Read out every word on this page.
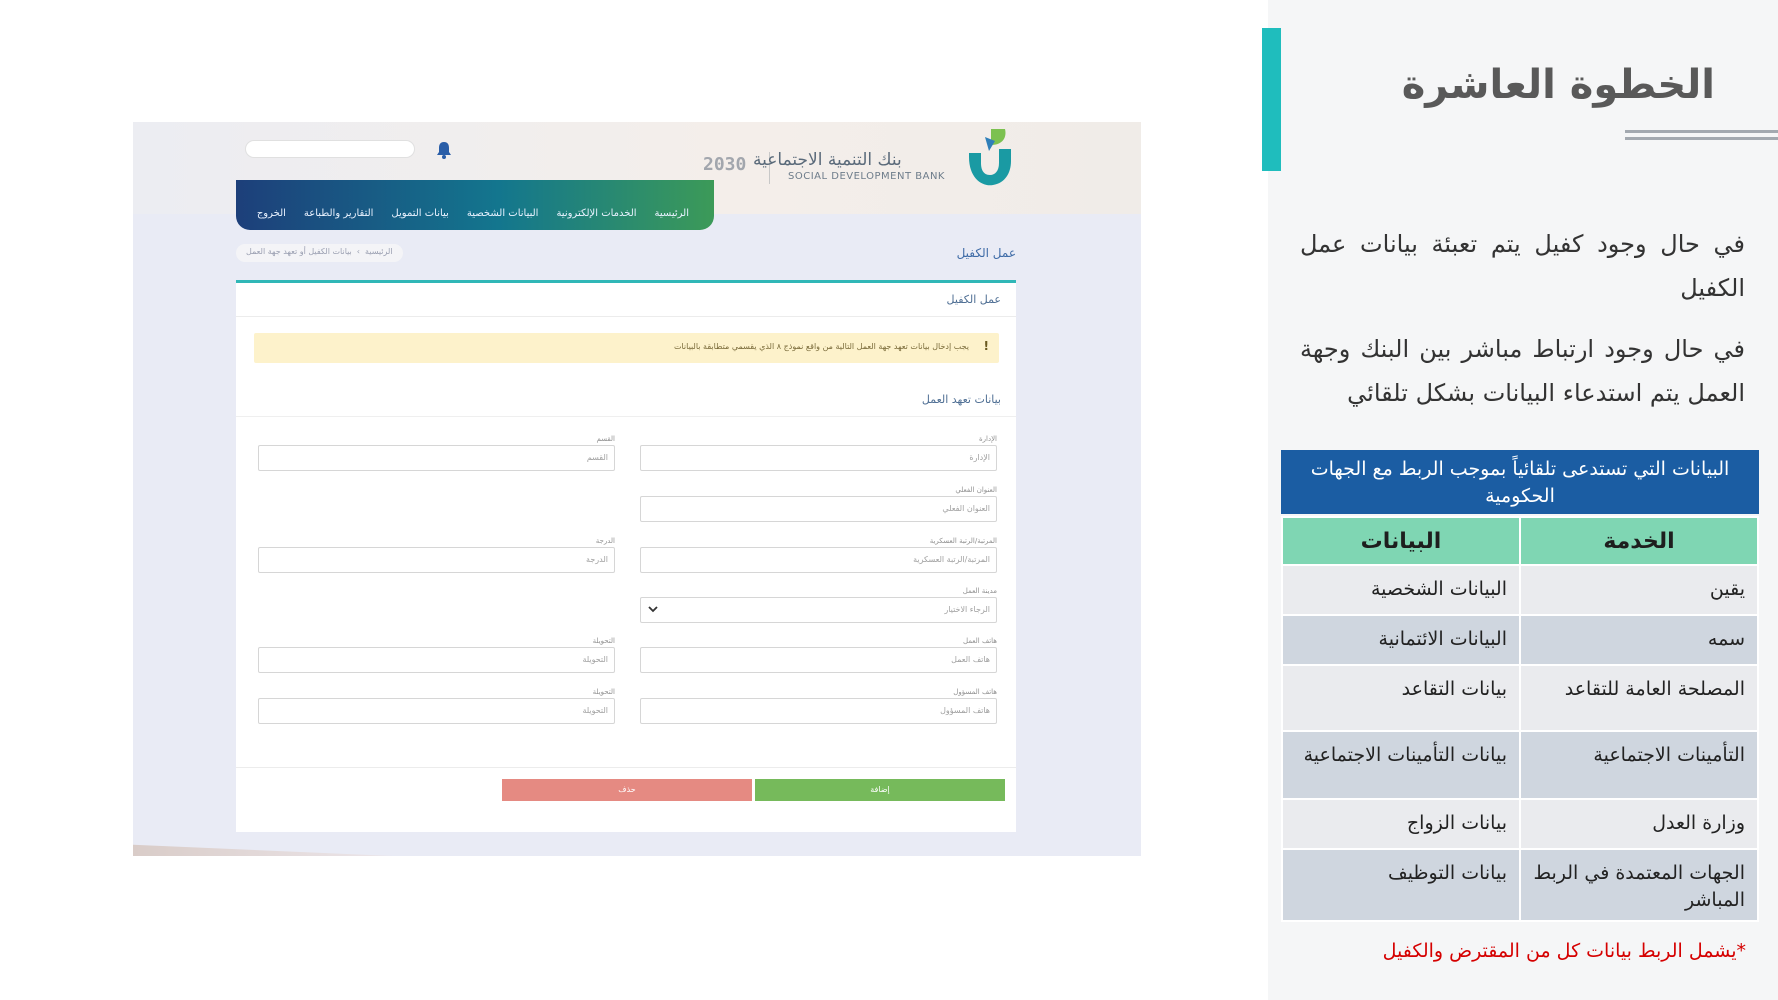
الخطوة العاشرة

في حال وجود كفيل يتم تعبئة بيانات عمل الكفيل

في حال وجود ارتباط مباشر بين البنك وجهة العمل يتم استدعاء البيانات بشكل تلقائي

البيانات التي تستدعى تلقائياً بموجب الربط مع الجهات الحكومية
الخدمة	البيانات
يقين	البيانات الشخصية
سمه	البيانات الائتمانية
المصلحة العامة للتقاعد	بيانات التقاعد
التأمينات الاجتماعية	بيانات التأمينات الاجتماعية
وزارة العدل	بيانات الزواج
الجهات المعتمدة في الربط المباشر	بيانات التوظيف
*يشمل الربط بيانات كل من المقترض والكفيل
2030 بنك التنمية الاجتماعية
SOCIAL DEVELOPMENT BANK
الرئيسية
الخدمات الإلكترونية
البيانات الشخصية
بيانات التمويل
التقارير والطباعة
الخروج
عمل الكفيل
الرئيسية
›
بيانات الكفيل أو تعهد جهة العمل
عمل الكفيل
!
يجب إدخال بيانات تعهد جهة العمل التالية من واقع نموذج ٨ الذي يقسمي متطابقة بالبيانات
بيانات تعهد العمل
الإدارة
الإدارة
العنوان الفعلي
العنوان الفعلي
المرتبة/الرتبة العسكرية
المرتبة/الرتبة العسكرية
مدينة العمل
الرجاء الاختيار
هاتف العمل
هاتف العمل
هاتف المسؤول
هاتف المسؤول
القسم
القسم
الدرجة
الدرجة
التحويلة
التحويلة
التحويلة
التحويلة
حذف	إضافة
